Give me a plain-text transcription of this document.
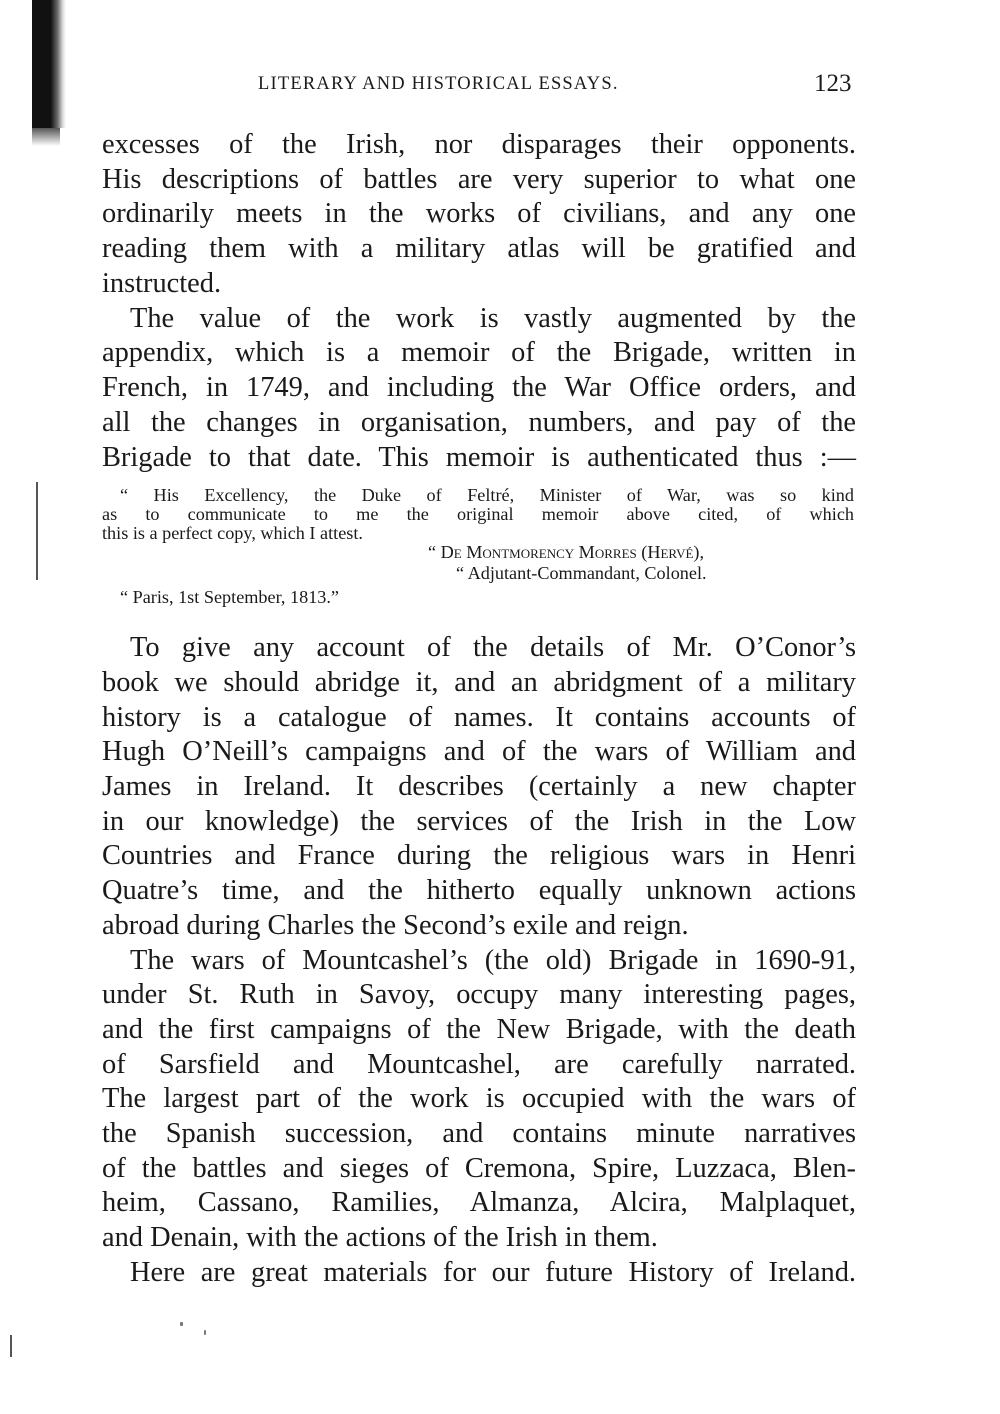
LITERARY AND HISTORICAL ESSAYS.	123
excesses of the Irish, nor disparages their opponents.
His descriptions of battles are very superior to what one
ordinarily meets in the works of civilians, and any one
reading them with a military atlas will be gratified and
instructed.
The value of the work is vastly augmented by the
appendix, which is a memoir of the Brigade, written in
French, in 1749, and including the War Office orders, and
all the changes in organisation, numbers, and pay of the
Brigade to that date. This memoir is authenticated thus :—
“ His Excellency, the Duke of Feltré, Minister of War, was so kind
as to communicate to me the original memoir above cited, of which
this is a perfect copy, which I attest.
“ De Montmorency Morres (Hervé),
“ Adjutant-Commandant, Colonel.
“ Paris, 1st September, 1813.”
To give any account of the details of Mr. O’Conor’s
book we should abridge it, and an abridgment of a military
history is a catalogue of names. It contains accounts of
Hugh O’Neill’s campaigns and of the wars of William and
James in Ireland. It describes (certainly a new chapter
in our knowledge) the services of the Irish in the Low
Countries and France during the religious wars in Henri
Quatre’s time, and the hitherto equally unknown actions
abroad during Charles the Second’s exile and reign.
The wars of Mountcashel’s (the old) Brigade in 1690-91,
under St. Ruth in Savoy, occupy many interesting pages,
and the first campaigns of the New Brigade, with the death
of Sarsfield and Mountcashel, are carefully narrated.
The largest part of the work is occupied with the wars of
the Spanish succession, and contains minute narratives
of the battles and sieges of Cremona, Spire, Luzzaca, Blen-
heim, Cassano, Ramilies, Almanza, Alcira, Malplaquet,
and Denain, with the actions of the Irish in them.
Here are great materials for our future History of Ireland.
